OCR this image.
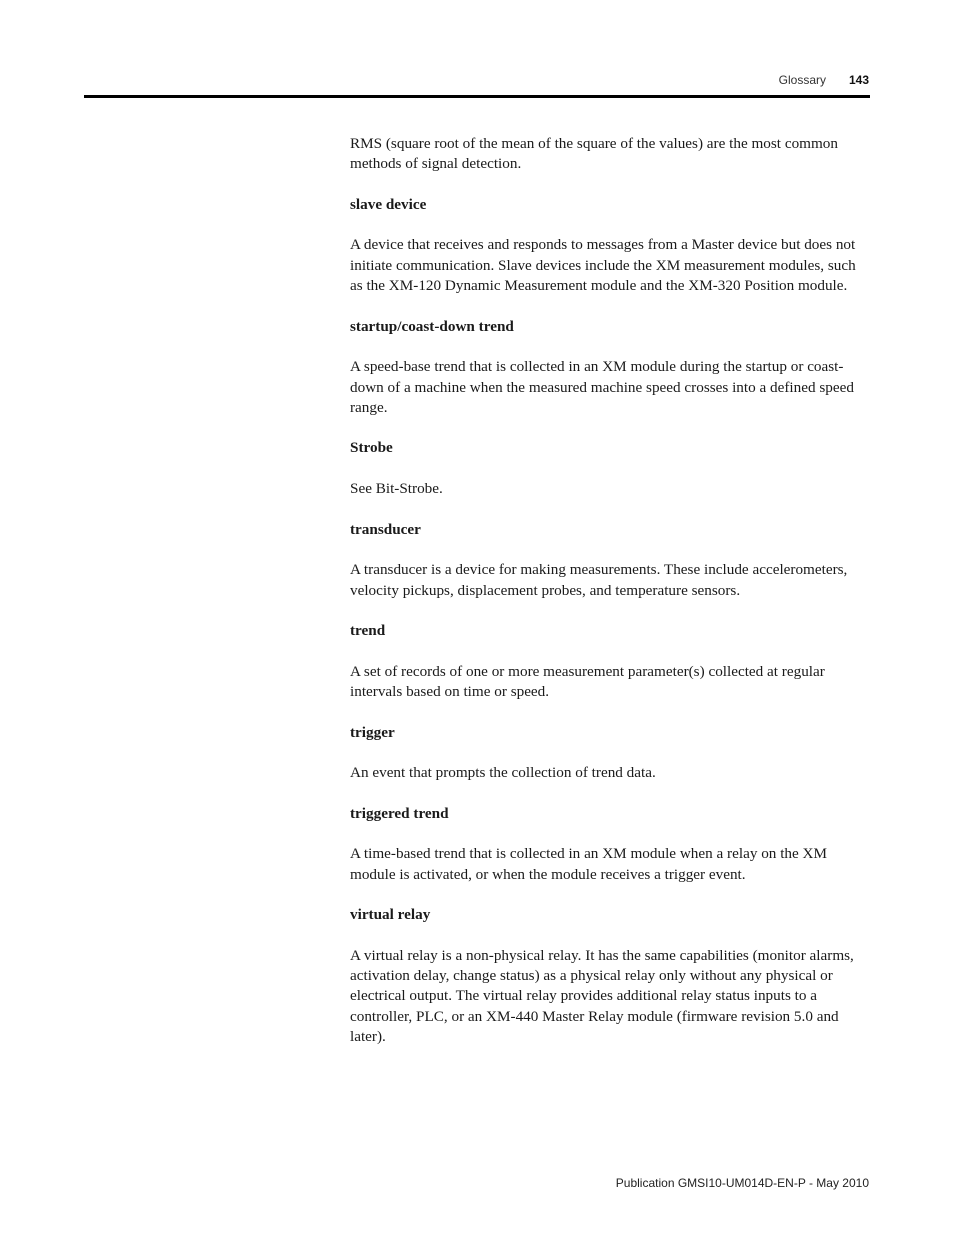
Glossary 143

RMS (square root of the mean of the square of the values) are the most common methods of signal detection.

slave device

A device that receives and responds to messages from a Master device but does not initiate communication. Slave devices include the XM measurement modules, such as the XM-120 Dynamic Measurement module and the XM-320 Position module.

startup/coast-down trend

A speed-base trend that is collected in an XM module during the startup or coast-down of a machine when the measured machine speed crosses into a defined speed range.

Strobe

See Bit-Strobe.

transducer

A transducer is a device for making measurements. These include accelerometers, velocity pickups, displacement probes, and temperature sensors.

trend

A set of records of one or more measurement parameter(s) collected at regular intervals based on time or speed.

trigger

An event that prompts the collection of trend data.

triggered trend

A time-based trend that is collected in an XM module when a relay on the XM module is activated, or when the module receives a trigger event.

virtual relay

A virtual relay is a non-physical relay. It has the same capabilities (monitor alarms, activation delay, change status) as a physical relay only without any physical or electrical output. The virtual relay provides additional relay status inputs to a controller, PLC, or an XM-440 Master Relay module (firmware revision 5.0 and later).

Publication GMSI10-UM014D-EN-P - May 2010
